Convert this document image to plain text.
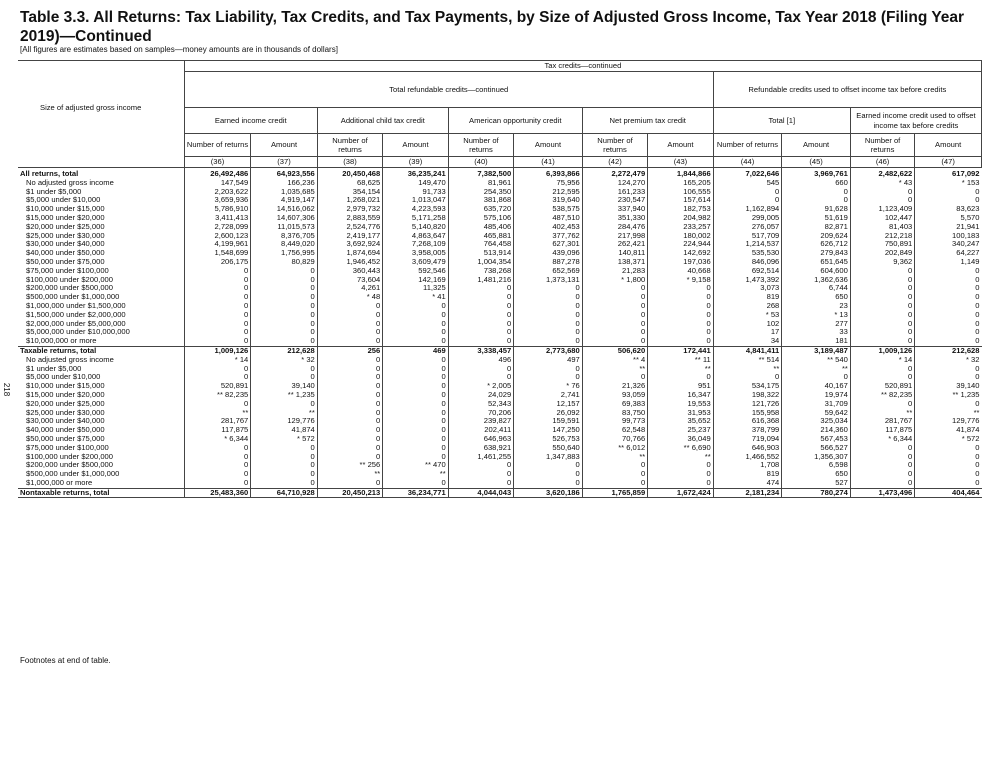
Table 3.3. All Returns: Tax Liability, Tax Credits, and Tax Payments, by Size of Adjusted Gross Income, Tax Year 2018 (Filing Year 2019)—Continued
[All figures are estimates based on samples—money amounts are in thousands of dollars]
218
Size of adjusted gross income	Tax credits—continued											
	Total refundable credits—continued								Refundable credits used to offset income tax before credits			
	Earned income credit		Additional child tax credit		American opportunity credit		Net premium tax credit		Total [1]		Earned income credit used to offset income tax before credits	
	Number of returns	Amount	Number of returns	Amount	Number of returns	Amount	Number of returns	Amount	Number of returns	Amount	Number of returns	Amount
	(36)	(37)	(38)	(39)	(40)	(41)	(42)	(43)	(44)	(45)	(46)	(47)
All returns, total	26,492,486	64,923,556	20,450,468	36,235,241	7,382,500	6,393,866	2,272,479	1,844,866	7,022,646	3,969,761	2,482,622	617,092
No adjusted gross income	147,549	166,236	68,625	149,470	81,961	75,956	124,270	165,205	545	660	* 43	* 153
$1 under $5,000	2,203,622	1,035,685	354,154	91,733	254,350	212,595	161,233	106,555	0	0	0	0
$5,000 under $10,000	3,659,936	4,919,147	1,268,021	1,013,047	381,868	319,640	230,547	157,614	0	0	0	0
$10,000 under $15,000	5,786,910	14,516,062	2,979,732	4,223,593	635,720	538,575	337,940	182,753	1,162,894	91,628	1,123,409	83,623
$15,000 under $20,000	3,411,413	14,607,306	2,883,559	5,171,258	575,106	487,510	351,330	204,982	299,005	51,619	102,447	5,570
$20,000 under $25,000	2,728,099	11,015,573	2,524,776	5,140,820	485,406	402,453	284,476	233,257	276,057	82,871	81,403	21,941
$25,000 under $30,000	2,600,123	8,376,705	2,419,177	4,863,647	465,881	377,762	217,998	180,002	517,709	209,624	212,218	100,183
$30,000 under $40,000	4,199,961	8,449,020	3,692,924	7,268,109	764,458	627,301	262,421	224,944	1,214,537	626,712	750,891	340,247
$40,000 under $50,000	1,548,699	1,756,995	1,874,694	3,958,005	513,914	439,096	140,811	142,692	535,530	279,843	202,849	64,227
$50,000 under $75,000	206,175	80,829	1,946,452	3,609,479	1,004,354	887,278	138,371	197,036	846,096	651,645	9,362	1,149
$75,000 under $100,000	0	0	360,443	592,546	738,268	652,569	21,283	40,668	692,514	604,600	0	0
$100,000 under $200,000	0	0	73,604	142,169	1,481,216	1,373,131	* 1,800	* 9,158	1,473,392	1,362,636	0	0
$200,000 under $500,000	0	0	4,261	11,325	0	0	0	0	3,073	6,744	0	0
$500,000 under $1,000,000	0	0	* 48	* 41	0	0	0	0	819	650	0	0
$1,000,000 under $1,500,000	0	0	0	0	0	0	0	0	268	23	0	0
$1,500,000 under $2,000,000	0	0	0	0	0	0	0	0	* 53	* 13	0	0
$2,000,000 under $5,000,000	0	0	0	0	0	0	0	0	102	277	0	0
$5,000,000 under $10,000,000	0	0	0	0	0	0	0	0	17	33	0	0
$10,000,000 or more	0	0	0	0	0	0	0	0	34	181	0	0
Taxable returns, total	1,009,126	212,628	256	469	3,338,457	2,773,680	506,620	172,441	4,841,411	3,189,487	1,009,126	212,628
No adjusted gross income	* 14	* 32	0	0	496	497	** 4	** 11	** 514	** 540	* 14	* 32
$1 under $5,000	0	0	0	0	0	0	**	**	**	**	0	0
$5,000 under $10,000	0	0	0	0	0	0	0	0	0	0	0	0
$10,000 under $15,000	520,891	39,140	0	0	* 2,005	* 76	21,326	951	534,175	40,167	520,891	39,140
$15,000 under $20,000	** 82,235	** 1,235	0	0	24,029	2,741	93,059	16,347	198,322	19,974	** 82,235	** 1,235
$20,000 under $25,000	0	0	0	0	52,343	12,157	69,383	19,553	121,726	31,709	0	0
$25,000 under $30,000	**	**	0	0	70,206	26,092	83,750	31,953	155,958	59,642	**	**
$30,000 under $40,000	281,767	129,776	0	0	239,827	159,591	99,773	35,652	616,368	325,034	281,767	129,776
$40,000 under $50,000	117,875	41,874	0	0	202,411	147,250	62,548	25,237	378,799	214,360	117,875	41,874
$50,000 under $75,000	* 6,344	* 572	0	0	646,963	526,753	70,766	36,049	719,094	567,453	* 6,344	* 572
$75,000 under $100,000	0	0	0	0	638,921	550,640	** 6,012	** 6,690	646,903	566,527	0	0
$100,000 under $200,000	0	0	0	0	1,461,255	1,347,883	**	**	1,466,552	1,356,307	0	0
$200,000 under $500,000	0	0	** 256	** 470	0	0	0	0	1,708	6,598	0	0
$500,000 under $1,000,000	0	0	**	**	0	0	0	0	819	650	0	0
$1,000,000 or more	0	0	0	0	0	0	0	0	474	527	0	0
Nontaxable returns, total	25,483,360	64,710,928	20,450,213	36,234,771	4,044,043	3,620,186	1,765,859	1,672,424	2,181,234	780,274	1,473,496	404,464
Footnotes at end of table.
